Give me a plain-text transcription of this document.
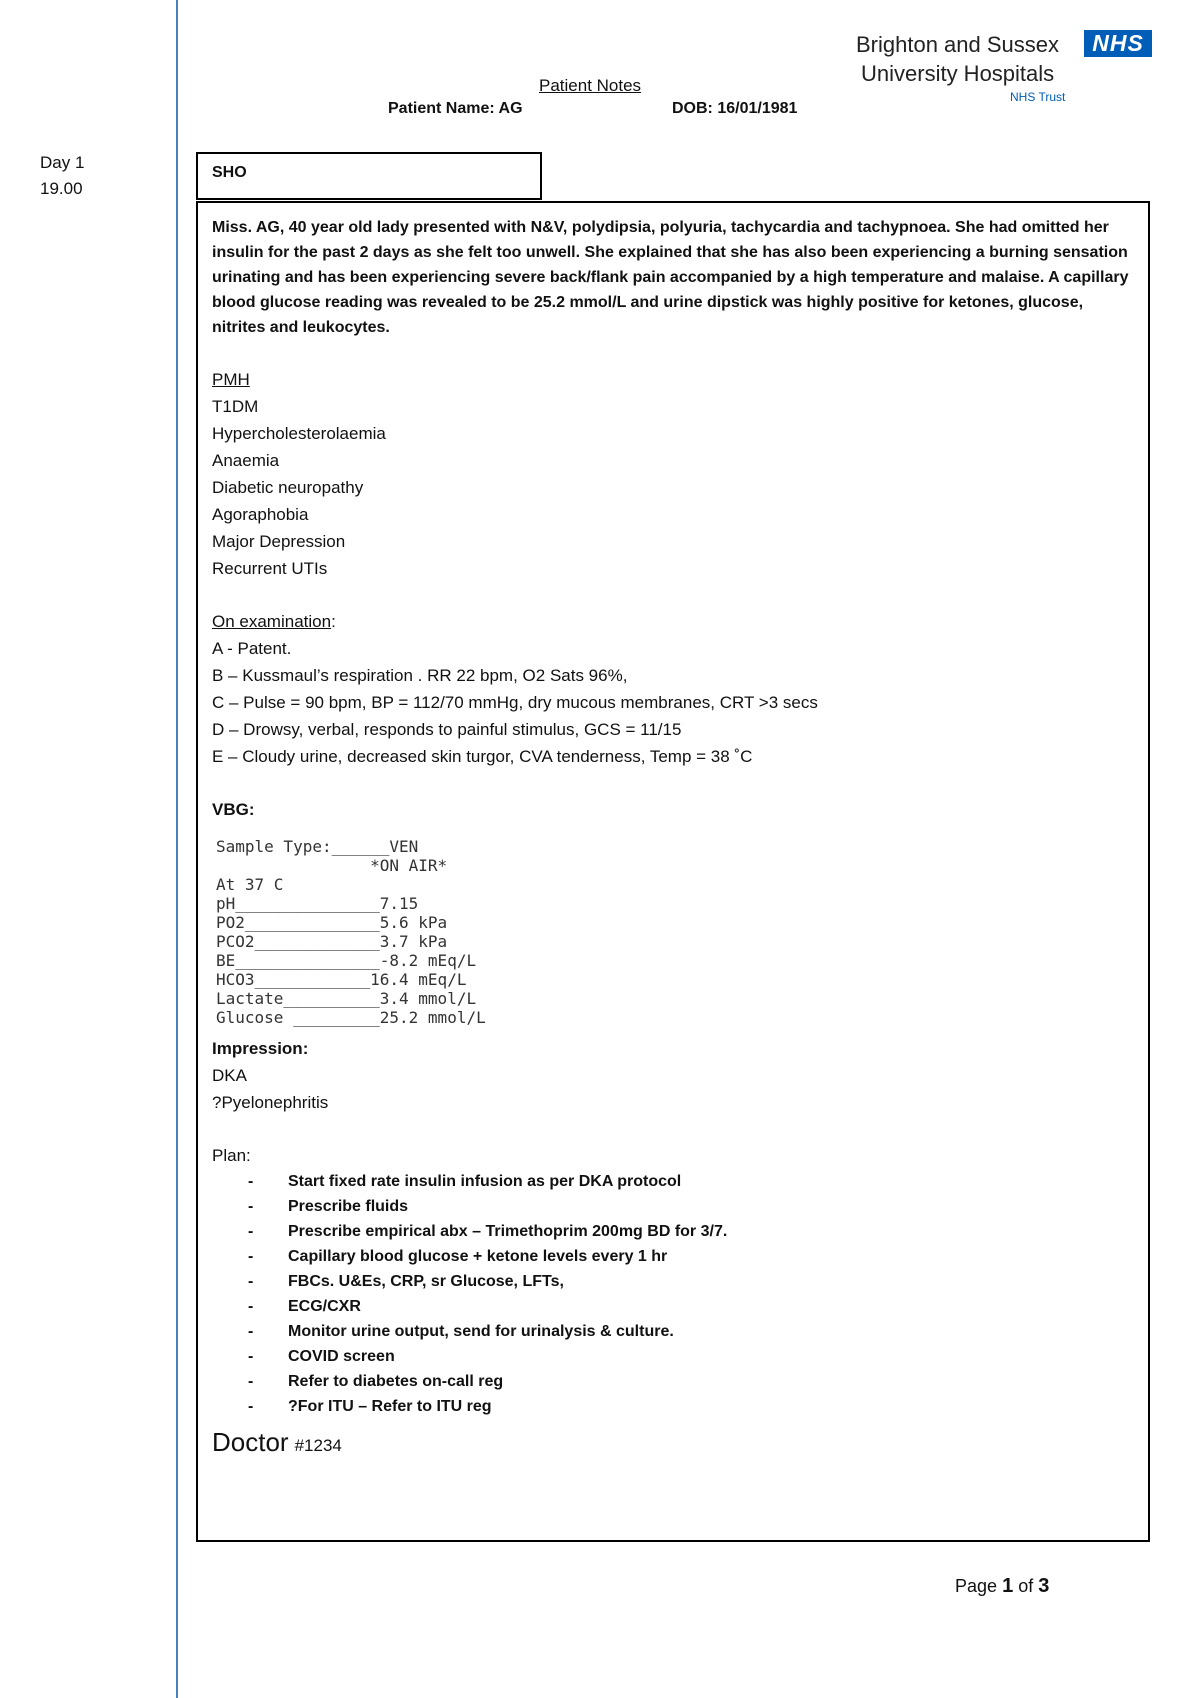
Day 1
19.00
Brighton and Sussex
University Hospitals
NHS
NHS Trust
Patient Notes
Patient Name: AG	DOB: 16/01/1981
SHO

Miss. AG, 40 year old lady presented with N&V, polydipsia, polyuria, tachycardia and tachypnoea. She had omitted her insulin for the past 2 days as she felt too unwell. She explained that she has also been experiencing a burning sensation urinating and has been experiencing severe back/flank pain accompanied by a high temperature and malaise. A capillary blood glucose reading was revealed to be 25.2 mmol/L and urine dipstick was highly positive for ketones, glucose, nitrites and leukocytes.

PMH
T1DM
Hypercholesterolaemia
Anaemia
Diabetic neuropathy
Agoraphobia
Major Depression
Recurrent UTIs
On examination:
A - Patent.
B – Kussmaul’s respiration . RR 22 bpm, O2 Sats 96%,
C – Pulse = 90 bpm, BP = 112/70 mmHg, dry mucous membranes, CRT >3 secs
D – Drowsy, verbal, responds to painful stimulus, GCS = 11/15
E – Cloudy urine, decreased skin turgor, CVA tenderness, Temp = 38 ˚C
VBG:
Sample Type:______VEN
*ON AIR*
At 37 C
pH_______________7.15
PO2______________5.6 kPa
PCO2_____________3.7 kPa
BE_______________-8.2 mEq/L
HCO3____________16.4 mEq/L
Lactate__________3.4 mmol/L
Glucose _________25.2 mmol/L
Impression:
DKA
?Pyelonephritis
Plan:
-	Start fixed rate insulin infusion as per DKA protocol
-	Prescribe fluids
-	Prescribe empirical abx – Trimethoprim 200mg BD for 3/7.
-	Capillary blood glucose + ketone levels every 1 hr
-	FBCs. U&Es, CRP, sr Glucose, LFTs,
-	ECG/CXR
-	Monitor urine output, send for urinalysis & culture.
-	COVID screen
-	Refer to diabetes on-call reg
-	?For ITU – Refer to ITU reg
Doctor #1234
Page 1 of 3
